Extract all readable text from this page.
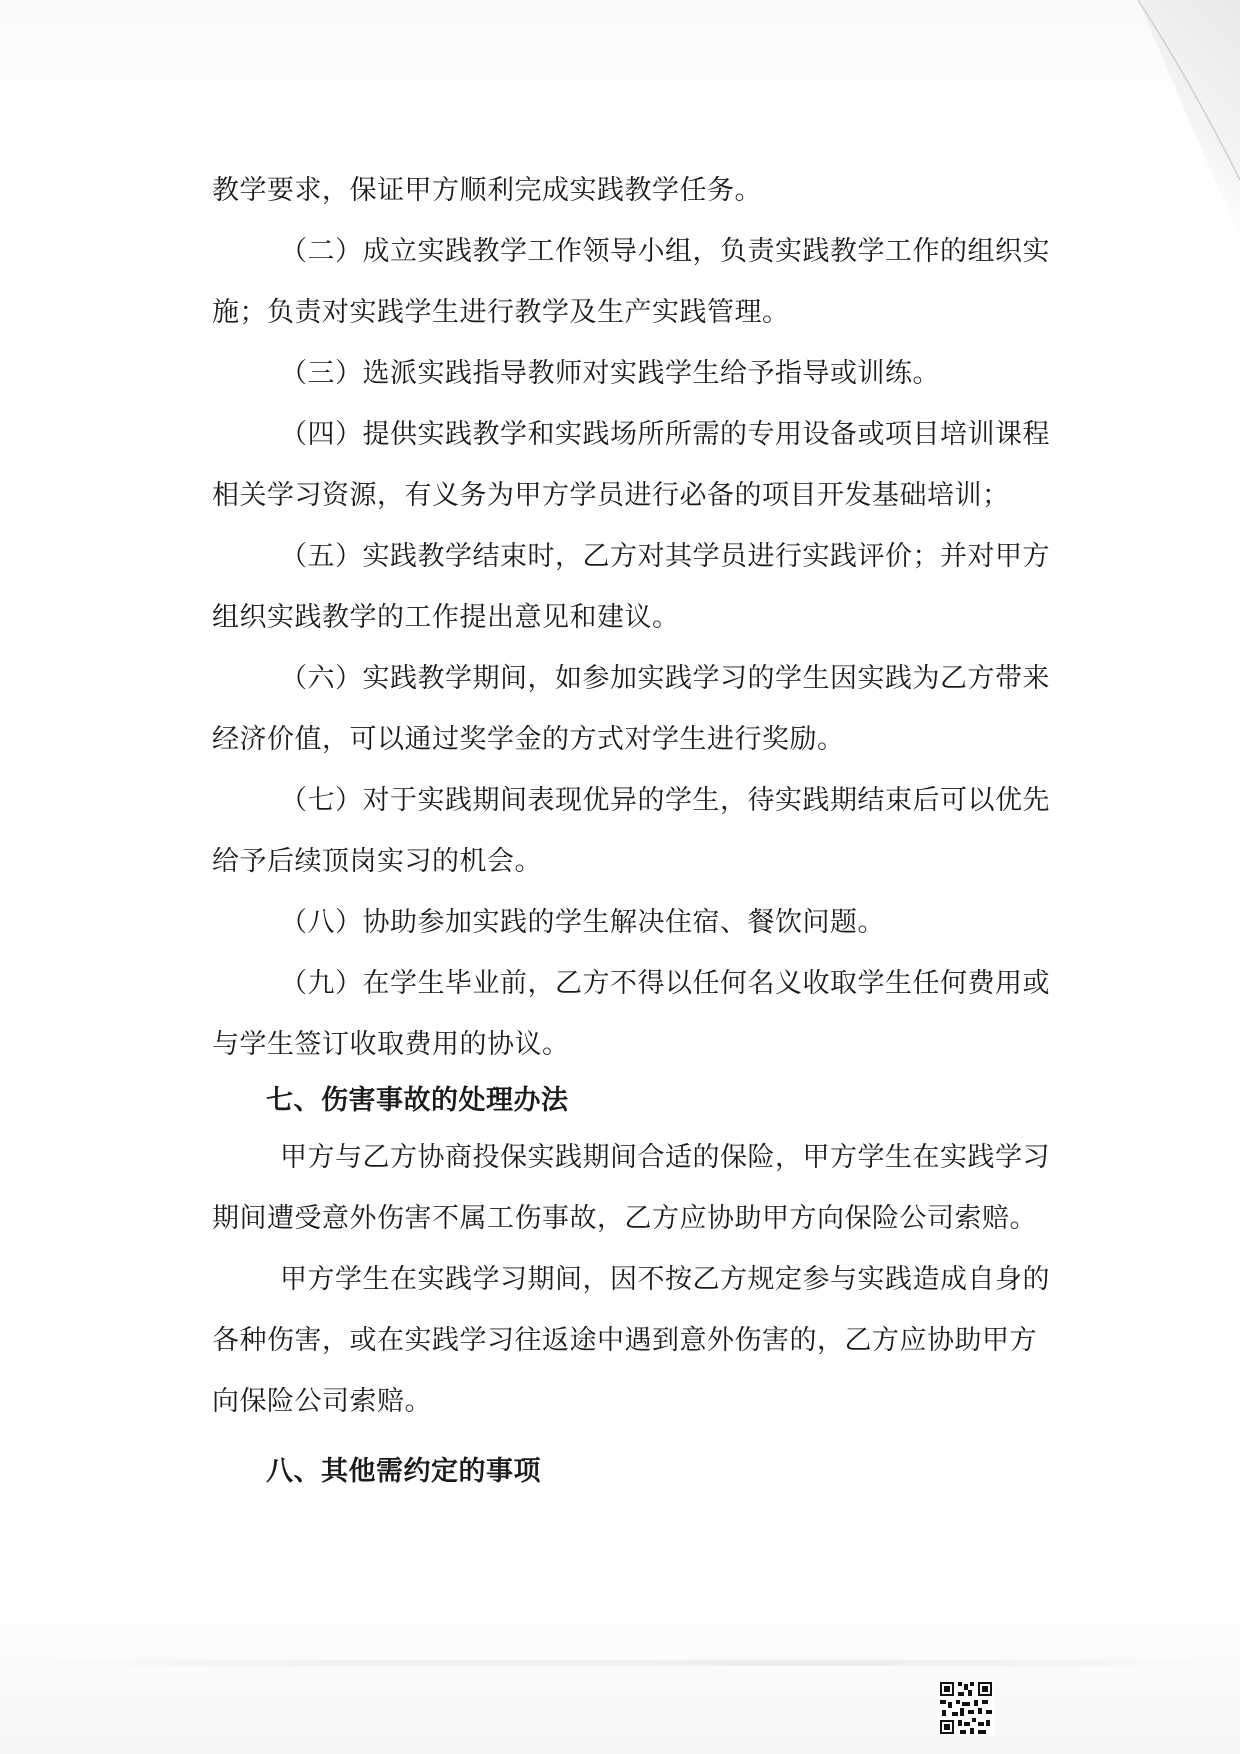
教学要求，保证甲方顺利完成实践教学任务。

（二）成立实践教学工作领导小组，负责实践教学工作的组织实

施；负责对实践学生进行教学及生产实践管理。

（三）选派实践指导教师对实践学生给予指导或训练。

（四）提供实践教学和实践场所所需的专用设备或项目培训课程

相关学习资源，有义务为甲方学员进行必备的项目开发基础培训；

（五）实践教学结束时，乙方对其学员进行实践评价；并对甲方

组织实践教学的工作提出意见和建议。

（六）实践教学期间，如参加实践学习的学生因实践为乙方带来

经济价值，可以通过奖学金的方式对学生进行奖励。

（七）对于实践期间表现优异的学生，待实践期结束后可以优先

给予后续顶岗实习的机会。

（八）协助参加实践的学生解决住宿、餐饮问题。

（九）在学生毕业前，乙方不得以任何名义收取学生任何费用或

与学生签订收取费用的协议。

七、伤害事故的处理办法

甲方与乙方协商投保实践期间合适的保险，甲方学生在实践学习

期间遭受意外伤害不属工伤事故，乙方应协助甲方向保险公司索赔。

甲方学生在实践学习期间，因不按乙方规定参与实践造成自身的

各种伤害，或在实践学习往返途中遇到意外伤害的，乙方应协助甲方

向保险公司索赔。

八、其他需约定的事项
